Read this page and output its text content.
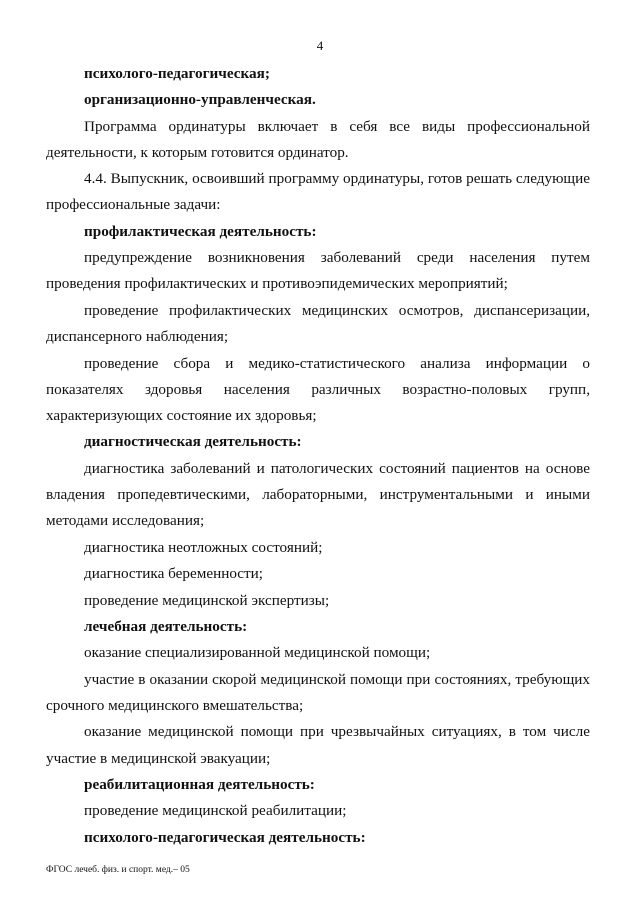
4
психолого-педагогическая;
организационно-управленческая.
Программа ординатуры включает в себя все виды профессиональной
деятельности, к которым готовится ординатор.
4.4. Выпускник, освоивший программу ординатуры, готов решать следующие
профессиональные задачи:
профилактическая деятельность:
предупреждение возникновения заболеваний среди населения путем
проведения профилактических и противоэпидемических мероприятий;
проведение профилактических медицинских осмотров, диспансеризации,
диспансерного наблюдения;
проведение сбора и медико-статистического анализа информации о
показателях здоровья населения различных возрастно-половых групп,
характеризующих состояние их здоровья;
диагностическая деятельность:
диагностика заболеваний и патологических состояний пациентов на основе
владения пропедевтическими, лабораторными, инструментальными и иными
методами исследования;
диагностика неотложных состояний;
диагностика беременности;
проведение медицинской экспертизы;
лечебная деятельность:
оказание специализированной медицинской помощи;
участие в оказании скорой медицинской помощи при состояниях, требующих
срочного медицинского вмешательства;
оказание медицинской помощи при чрезвычайных ситуациях, в том числе
участие в медицинской эвакуации;
реабилитационная деятельность:
проведение медицинской реабилитации;
психолого-педагогическая деятельность:
ФГОС лечеб. физ. и спорт. мед.– 05
